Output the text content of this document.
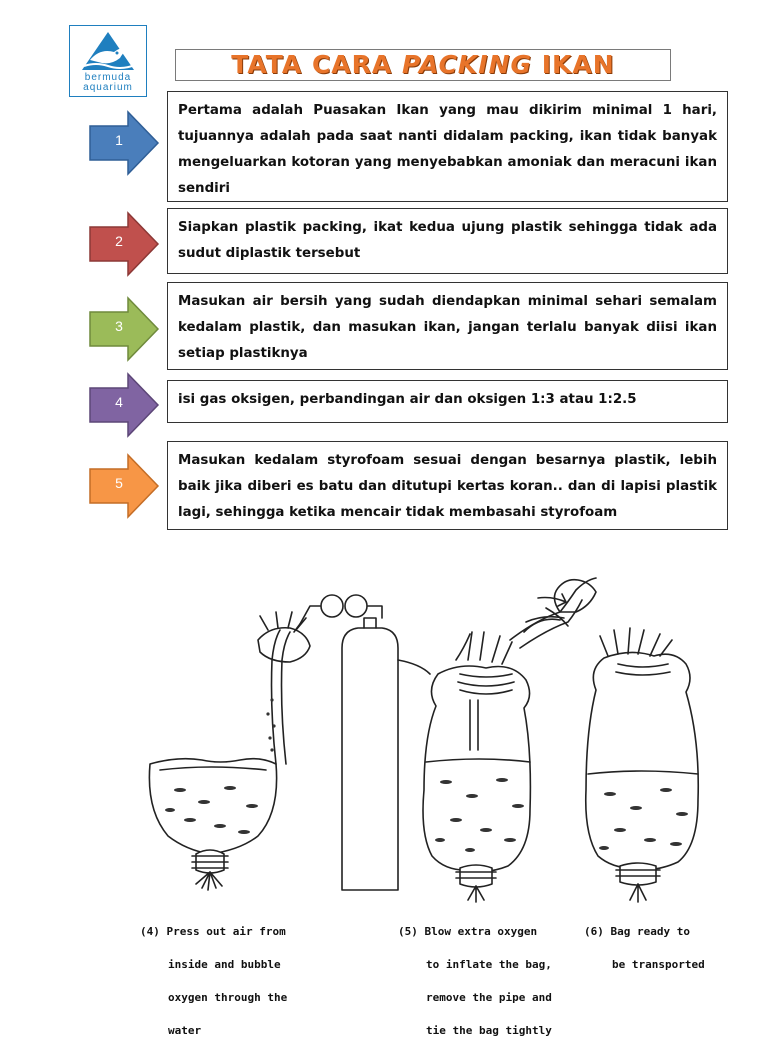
bermuda
aquarium
TATA CARA PACKING IKAN
1
2
3
4
5
Pertama adalah Puasakan Ikan yang mau dikirim minimal 1 hari, tujuannya adalah pada saat nanti didalam packing, ikan tidak banyak mengeluarkan kotoran yang menyebabkan amoniak dan meracuni ikan sendiri
Siapkan plastik packing, ikat kedua ujung plastik sehingga tidak ada sudut diplastik tersebut
Masukan air bersih yang sudah diendapkan minimal sehari semalam kedalam plastik, dan masukan ikan, jangan terlalu banyak diisi ikan setiap plastiknya
isi gas oksigen, perbandingan air dan oksigen 1:3 atau 1:2.5
Masukan kedalam styrofoam sesuai dengan besarnya plastik, lebih baik jika diberi es batu dan ditutupi kertas koran.. dan di lapisi plastik lagi, sehingga ketika mencair tidak membasahi styrofoam

(4) Press out air from

inside and bubble

oxygen through the

water

(5) Blow extra oxygen

to inflate the bag,

remove the pipe and

tie the bag tightly

(6) Bag ready to

be transported
